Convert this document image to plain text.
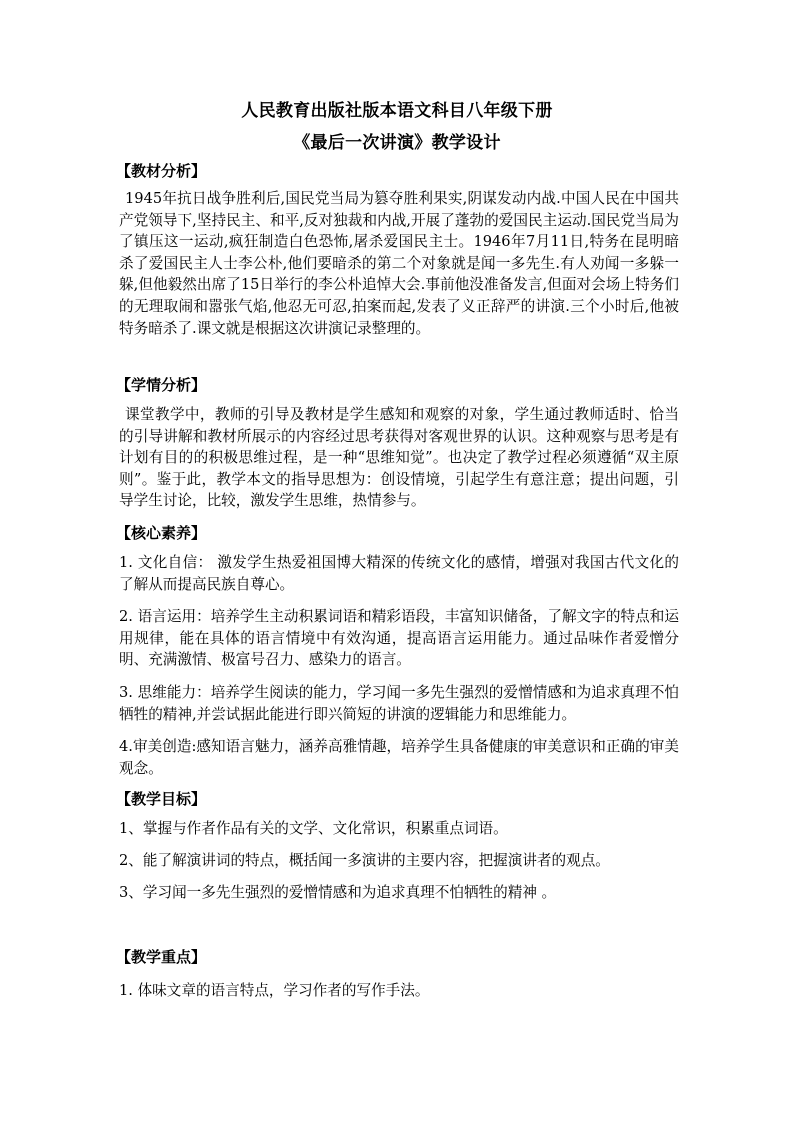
人民教育出版社版本语文科目八年级下册
《最后一次讲演》教学设计
【教材分析】
1945年抗日战争胜利后,国民党当局为篡夺胜利果实,阴谋发动内战.中国人民在中国共产党领导下,坚持民主、和平,反对独裁和内战,开展了蓬勃的爱国民主运动.国民党当局为了镇压这一运动,疯狂制造白色恐怖,屠杀爱国民主士。1946年7月11日,特务在昆明暗杀了爱国民主人士李公朴,他们要暗杀的第二个对象就是闻一多先生.有人劝闻一多躲一躲,但他毅然出席了15日举行的李公朴追悼大会.事前他没准备发言,但面对会场上特务们的无理取闹和嚣张气焰,他忍无可忍,拍案而起,发表了义正辞严的讲演.三个小时后,他被特务暗杀了.课文就是根据这次讲演记录整理的。
【学情分析】
课堂教学中，教师的引导及教材是学生感知和观察的对象，学生通过教师适时、恰当的引导讲解和教材所展示的内容经过思考获得对客观世界的认识。这种观察与思考是有计划有目的的积极思维过程，是一种“思维知觉”。也决定了教学过程必须遵循“双主原则”。鉴于此，教学本文的指导思想为：创设情境，引起学生有意注意；提出问题，引导学生讨论，比较，激发学生思维，热情参与。
【核心素养】
1. 文化自信： 激发学生热爱祖国博大精深的传统文化的感情，增强对我国古代文化的了解从而提高民族自尊心。
2. 语言运用：培养学生主动积累词语和精彩语段，丰富知识储备，了解文字的特点和运用规律，能在具体的语言情境中有效沟通，提高语言运用能力。通过品味作者爱憎分明、充满激情、极富号召力、感染力的语言。
3. 思维能力：培养学生阅读的能力，学习闻一多先生强烈的爱憎情感和为追求真理不怕牺牲的精神,并尝试据此能进行即兴简短的讲演的逻辑能力和思维能力。
4.审美创造:感知语言魅力，涵养高雅情趣，培养学生具备健康的审美意识和正确的审美观念。
【教学目标】
1、掌握与作者作品有关的文学、文化常识，积累重点词语。
2、能了解演讲词的特点，概括闻一多演讲的主要内容，把握演讲者的观点。
3、学习闻一多先生强烈的爱憎情感和为追求真理不怕牺牲的精神 。
【教学重点】
1. 体味文章的语言特点，学习作者的写作手法。
